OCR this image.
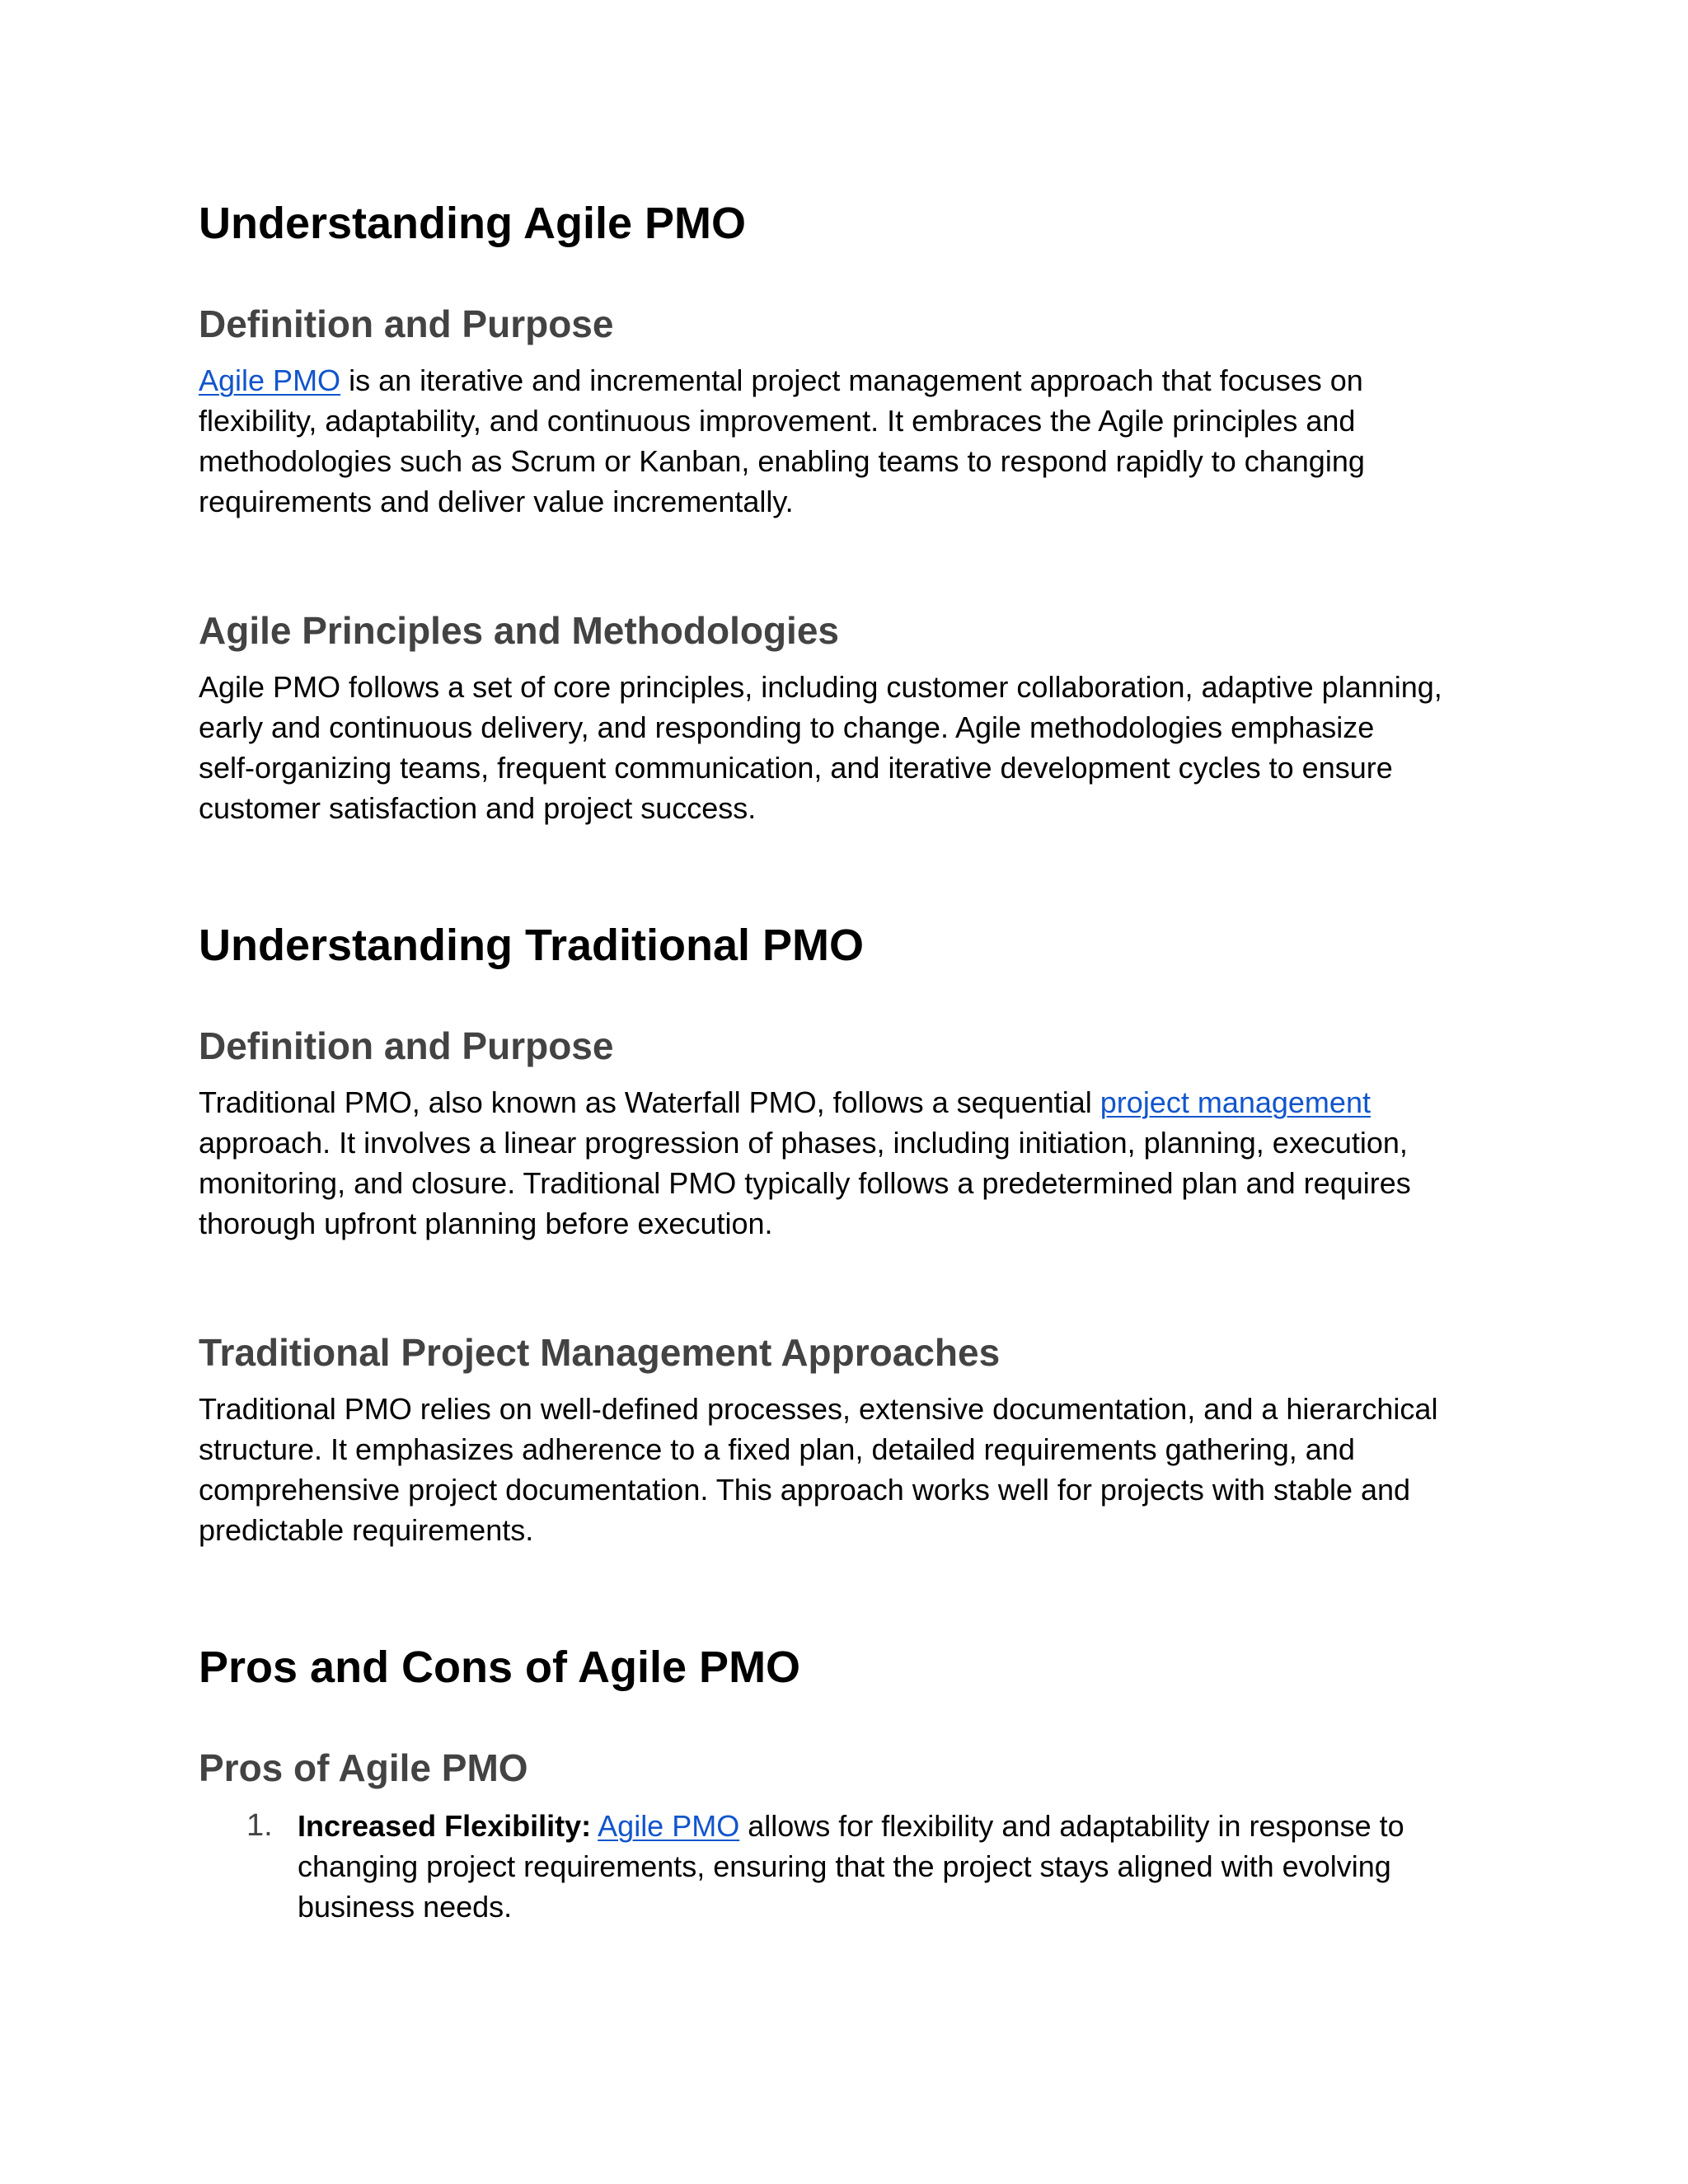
Understanding Agile PMO
Definition and Purpose
Agile PMO is an iterative and incremental project management approach that focuses on
flexibility, adaptability, and continuous improvement. It embraces the Agile principles and
methodologies such as Scrum or Kanban, enabling teams to respond rapidly to changing
requirements and deliver value incrementally.
Agile Principles and Methodologies
Agile PMO follows a set of core principles, including customer collaboration, adaptive planning,
early and continuous delivery, and responding to change. Agile methodologies emphasize
self-organizing teams, frequent communication, and iterative development cycles to ensure
customer satisfaction and project success.
Understanding Traditional PMO
Definition and Purpose
Traditional PMO, also known as Waterfall PMO, follows a sequential project management
approach. It involves a linear progression of phases, including initiation, planning, execution,
monitoring, and closure. Traditional PMO typically follows a predetermined plan and requires
thorough upfront planning before execution.
Traditional Project Management Approaches
Traditional PMO relies on well-defined processes, extensive documentation, and a hierarchical
structure. It emphasizes adherence to a fixed plan, detailed requirements gathering, and
comprehensive project documentation. This approach works well for projects with stable and
predictable requirements.
Pros and Cons of Agile PMO
Pros of Agile PMO
1. Increased Flexibility: Agile PMO allows for flexibility and adaptability in response to
changing project requirements, ensuring that the project stays aligned with evolving
business needs.
